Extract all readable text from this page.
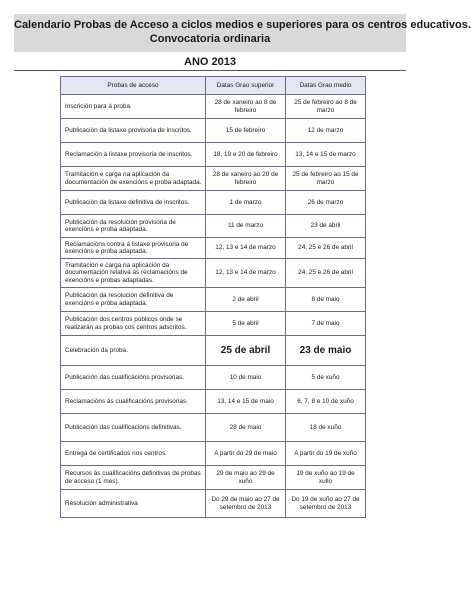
Calendario Probas de Acceso a ciclos medios e superiores para os centros educativos.
Convocatoria ordinaria
ANO 2013
Probas de acceso	Datas Grao superior	Datas Grao medio
Inscrición para á proba.	28 de xaneiro ao 8 de febreiro	25 de febreiro ao 8 de marzo
Publicación da listaxe provisoria de inscritos.	15 de febreiro	12 de marzo
Reclamación á listaxe provisoria de inscritos.	18, 19 e 20 de febreiro	13, 14 e 15 de marzo
Tramitación e carga na aplicación da documentación de exencións e proba adaptada.	28 de xaneiro ao 20 de febreiro	25 de febreiro ao 15 de marzo
Publicación da listaxe definitiva de inscritos.	1 de marzo	26 de marzo
Publicación da resolución provisoria de exencións e proba adaptada.	11 de marzo	23 de abril
Reclamacións contra á listaxe provisoria de exencións e proba adaptada.	12, 13 e 14 de marzo	24, 25 e 26 de abril
Tramitación e carga na aplicación da documentación relativa ás reclamacións de exencións e probas adaptadas.	12, 13 e 14 de marzo	24, 25 e 26 de abril
Publicación da resolución definitiva de exencións e proba adaptada.	2 de abril	8 de maio
Publicación dos centros públicos onde se realizarán as probas cos centros adscritos.	5 de abril	7 de maio
Celebración da proba.	25 de abril	23 de maio
Publicación das cualificacións provisorias.	10 de maio	5 de xuño
Reclamacións ás cualificacións provisorias.	13, 14 e 15 de maio	6, 7, 8 e 10 de xuño
Publicación das cualificacións definitivas.	28 de maio	18 de xuño
Entrega de certificados nos centros.	A partir do 29 de maio	A partir do 19 de xuño
Recursos ás cualificacións definitivas de probas de acceso (1 mes).	29 de maio ao 29 de xuño	19 de xuño ao 19 de xullo
Resolución administrativa	Do 29 de maio ao 27 de setembro de 2013	Do 19 de xuño ao 27 de setembro de 2013
